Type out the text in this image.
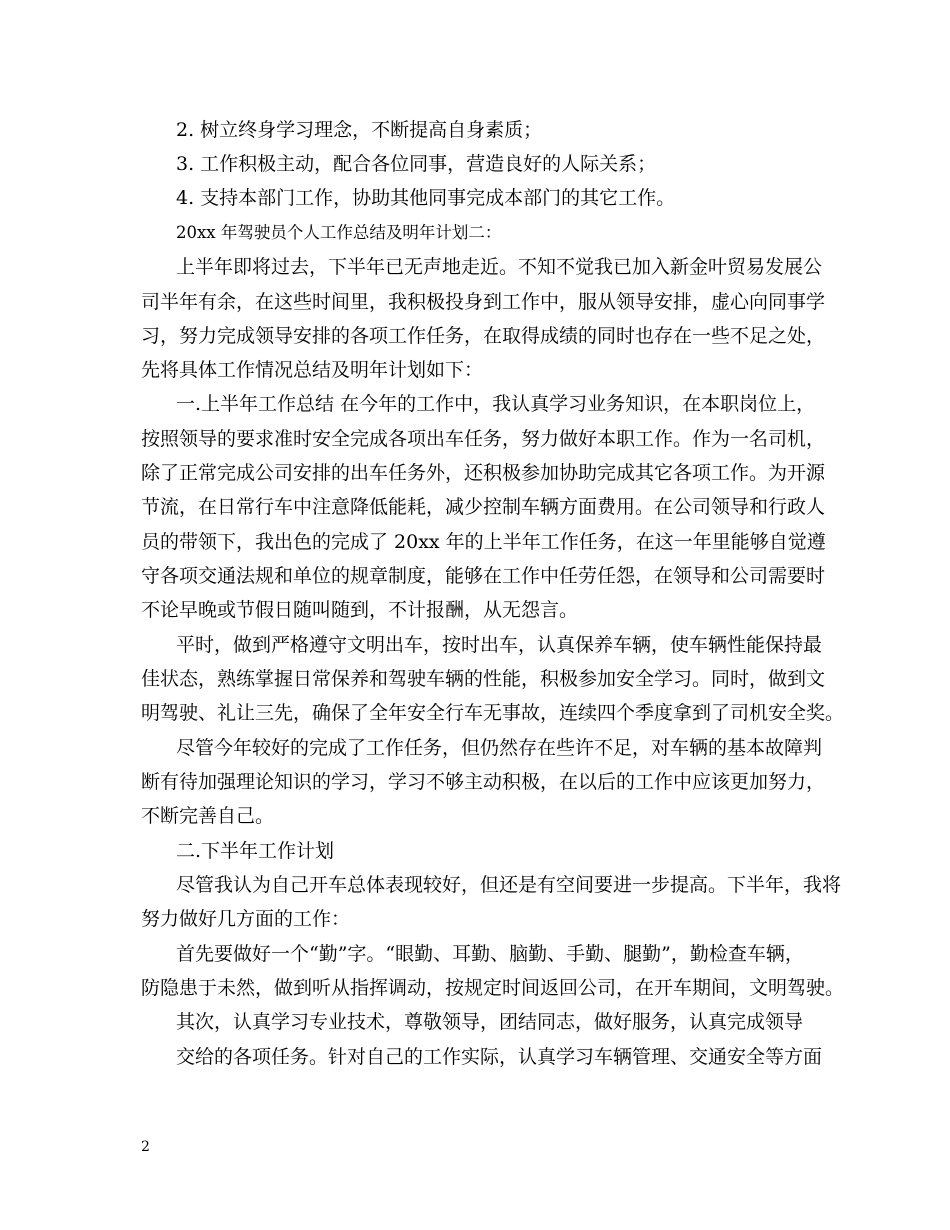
2. 树立终身学习理念，不断提高自身素质；
3. 工作积极主动，配合各位同事，营造良好的人际关系；
4. 支持本部门工作，协助其他同事完成本部门的其它工作。
20xx 年驾驶员个人工作总结及明年计划二：
上半年即将过去，下半年已无声地走近。不知不觉我已加入新金叶贸易发展公
司半年有余，在这些时间里，我积极投身到工作中，服从领导安排，虚心向同事学
习，努力完成领导安排的各项工作任务，在取得成绩的同时也存在一些不足之处，
先将具体工作情况总结及明年计划如下：
一.上半年工作总结 在今年的工作中，我认真学习业务知识，在本职岗位上，
按照领导的要求准时安全完成各项出车任务，努力做好本职工作。作为一名司机，
除了正常完成公司安排的出车任务外，还积极参加协助完成其它各项工作。为开源
节流，在日常行车中注意降低能耗，减少控制车辆方面费用。在公司领导和行政人
员的带领下，我出色的完成了 20xx 年的上半年工作任务，在这一年里能够自觉遵
守各项交通法规和单位的规章制度，能够在工作中任劳任怨，在领导和公司需要时
不论早晚或节假日随叫随到，不计报酬，从无怨言。
平时，做到严格遵守文明出车，按时出车，认真保养车辆，使车辆性能保持最
佳状态，熟练掌握日常保养和驾驶车辆的性能，积极参加安全学习。同时，做到文
明驾驶、礼让三先，确保了全年安全行车无事故，连续四个季度拿到了司机安全奖。
尽管今年较好的完成了工作任务，但仍然存在些许不足，对车辆的基本故障判
断有待加强理论知识的学习，学习不够主动积极，在以后的工作中应该更加努力，
不断完善自己。
二.下半年工作计划
尽管我认为自己开车总体表现较好，但还是有空间要进一步提高。下半年，我将
努力做好几方面的工作：
首先要做好一个“勤”字。“眼勤、耳勤、脑勤、手勤、腿勤”，勤检查车辆，
防隐患于未然，做到听从指挥调动，按规定时间返回公司，在开车期间，文明驾驶。
其次，认真学习专业技术，尊敬领导，团结同志，做好服务，认真完成领导
交给的各项任务。针对自己的工作实际，认真学习车辆管理、交通安全等方面
2
